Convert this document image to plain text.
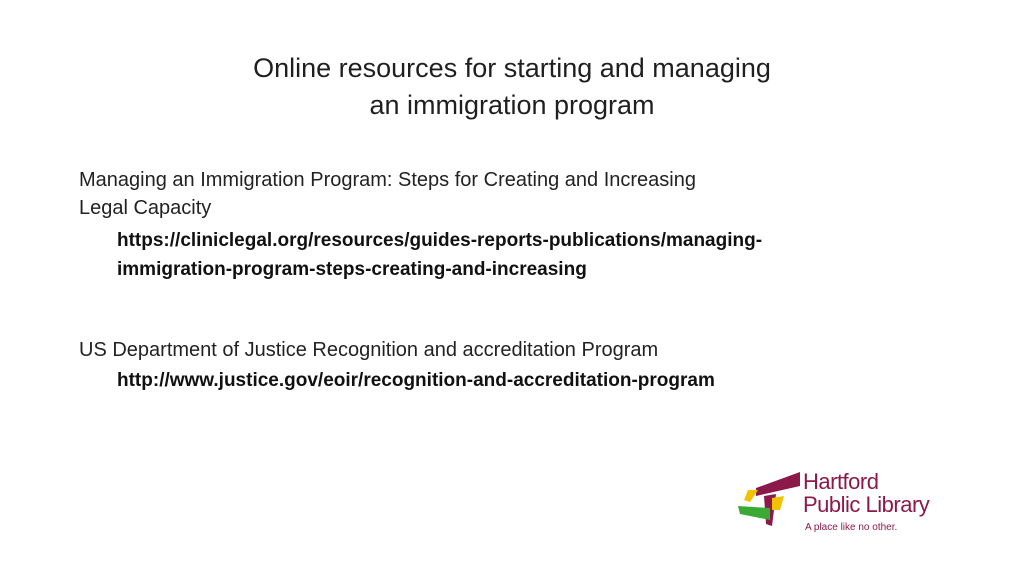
Online resources for starting and managing
an immigration program

Managing an Immigration Program: Steps for Creating and Increasing
Legal Capacity

https://cliniclegal.org/resources/guides-reports-publications/managing-immigration-program-steps-creating-and-increasing

US Department of Justice Recognition and accreditation Program

http://www.justice.gov/eoir/recognition-and-accreditation-program
Hartford
Public Library
A place like no other.
